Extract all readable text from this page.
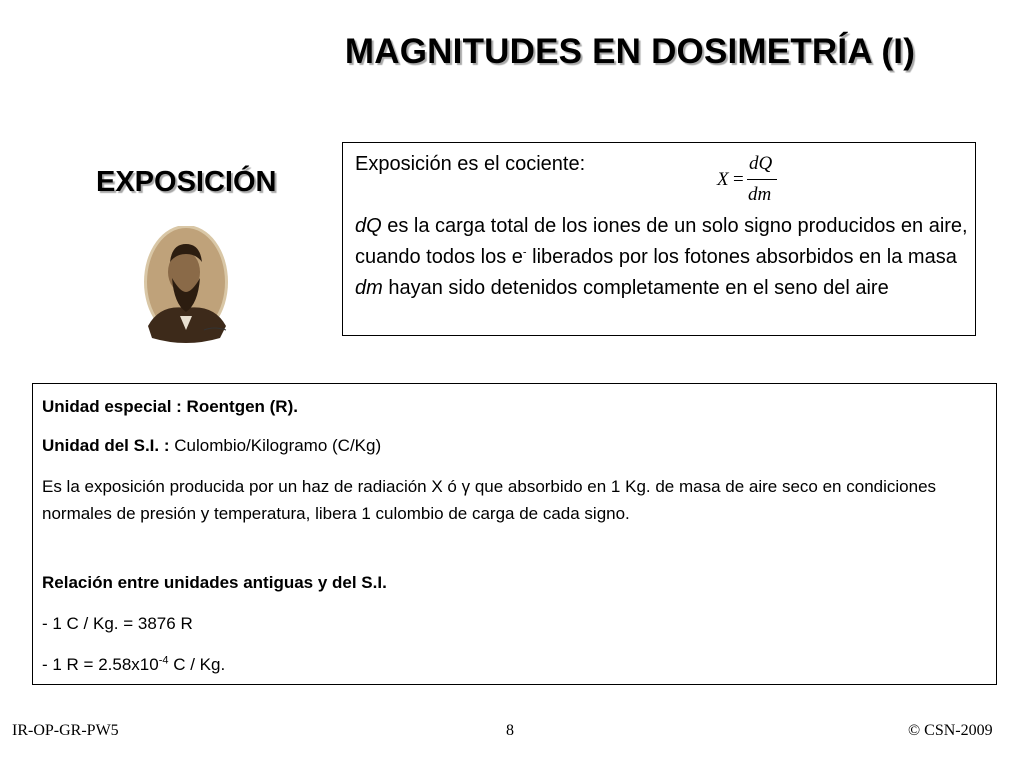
MAGNITUDES EN DOSIMETRÍA (I)
EXPOSICIÓN
Exposición es el cociente:
X =
dQ
dm
dQ es la carga total de los iones de un solo signo producidos en aire, cuando todos los e- liberados por los fotones absorbidos en la masa dm hayan sido detenidos completamente en el seno del aire
Unidad especial : Roentgen (R).
Unidad del S.I. : Culombio/Kilogramo (C/Kg)
Es la exposición producida por un haz de radiación X ó γ que absorbido en 1 Kg. de masa de aire seco en condiciones normales de presión y temperatura, libera 1 culombio de carga de cada signo.
Relación entre unidades antiguas y del S.I.
- 1 C / Kg. = 3876 R
- 1 $R = 2.58x10^{-4}$ C / Kg.
IR-OP-GR-PW5	8	© CSN-2009
